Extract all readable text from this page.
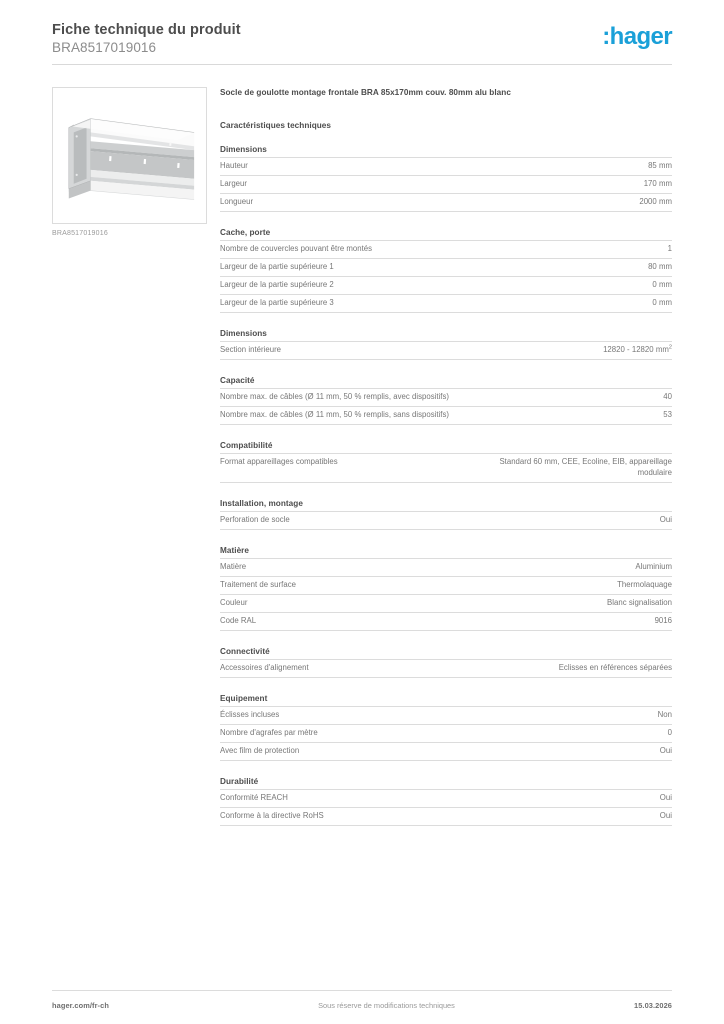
Fiche technique du produit
BRA8517019016	:hager
BRA8517019016
Socle de goulotte montage frontale BRA 85x170mm couv. 80mm alu blanc
Caractéristiques techniques
Dimensions
Hauteur	85 mm
Largeur	170 mm
Longueur	2000 mm
Cache, porte
Nombre de couvercles pouvant être montés	1
Largeur de la partie supérieure 1	80 mm
Largeur de la partie supérieure 2	0 mm
Largeur de la partie supérieure 3	0 mm
Dimensions
Section intérieure	12820 - 12820 $mm^2$
Capacité
Nombre max. de câbles (Ø 11 mm, 50 % remplis, avec dispositifs)	40
Nombre max. de câbles (Ø 11 mm, 50 % remplis, sans dispositifs)	53
Compatibilité
Format appareillages compatibles	Standard 60 mm, CEE, Ecoline, EIB, appareillage modulaire
Installation, montage
Perforation de socle	Oui
Matière
Matière	Aluminium
Traitement de surface	Thermolaquage
Couleur	Blanc signalisation
Code RAL	9016
Connectivité
Accessoires d'alignement	Eclisses en références séparées
Equipement
Éclisses incluses	Non
Nombre d'agrafes par mètre	0
Avec film de protection	Oui
Durabilité
Conformité REACH	Oui
Conforme à la directive RoHS	Oui
hager.com/fr-ch	Sous réserve de modifications techniques	15.03.2026
